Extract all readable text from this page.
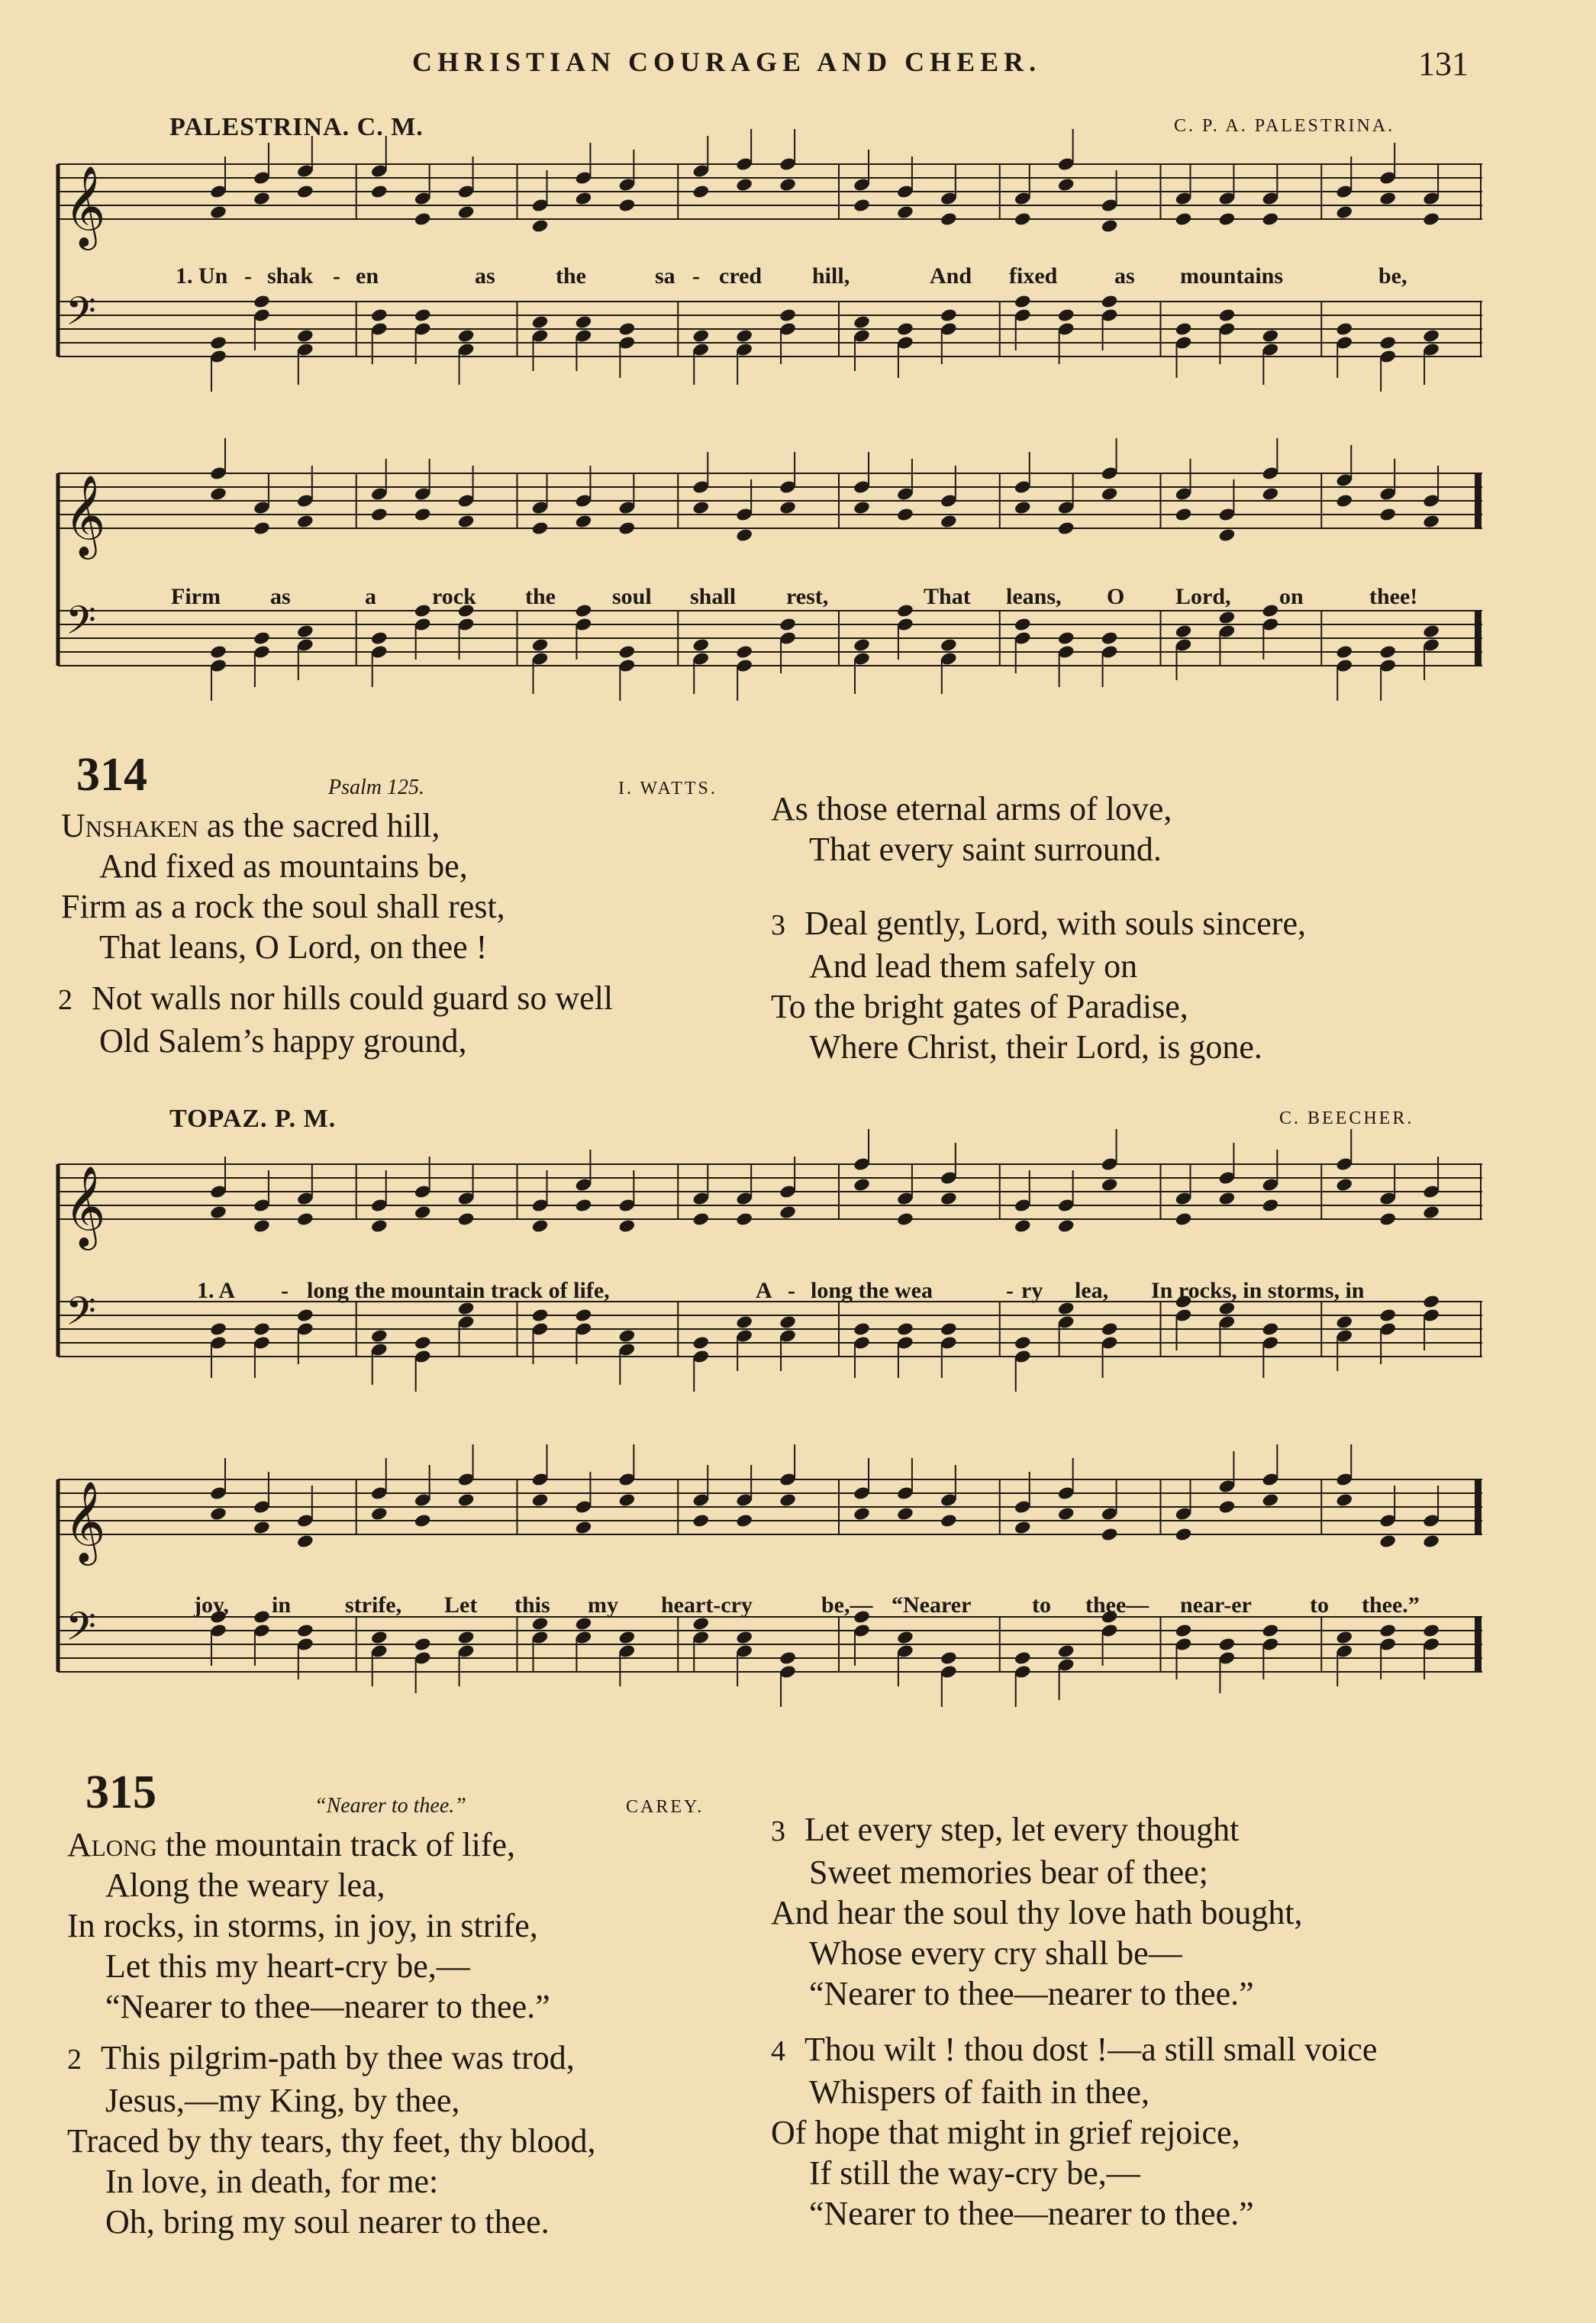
CHRISTIAN COURAGE AND CHEER.	131
PALESTRINA. C. M.	C. P. A. PALESTRINA.
𝄞
𝄢
1. Un - shak - en	as	the	sa - cred hill,	And fixed as mountains	be,
𝄞
𝄢
Firm as	a rock the soul shall rest,	That leans, O Lord, on	thee!
314	Psalm 125.	I. WATTS.
Unshaken as the sacred hill,
And fixed as mountains be,
Firm as a rock the soul shall rest,
That leans, O Lord, on thee !
2 Not walls nor hills could guard so well
Old Salem’s happy ground,
As those eternal arms of love,
That every saint surround.
3 Deal gently, Lord, with souls sincere,
And lead them safely on
To the bright gates of Paradise,
Where Christ, their Lord, is gone.
TOPAZ. P. M.	C. BEECHER.
𝄞
𝄢	1. A - long the mountain track of life,	A - long the wea	- ry lea, In rocks, in storms, in
𝄞
𝄢	joy, in strife, Let this my heart-cry	be,— “Nearer	to thee— near-er	to thee.”
315	“Nearer to thee.”	CAREY.
Along the mountain track of life,
Along the weary lea,
In rocks, in storms, in joy, in strife,
Let this my heart-cry be,—
“Nearer to thee—nearer to thee.”
2 This pilgrim-path by thee was trod,
Jesus,—my King, by thee,
Traced by thy tears, thy feet, thy blood,
In love, in death, for me:
Oh, bring my soul nearer to thee.
3 Let every step, let every thought
Sweet memories bear of thee;
And hear the soul thy love hath bought,
Whose every cry shall be—
“Nearer to thee—nearer to thee.”
4 Thou wilt ! thou dost !—a still small voice
Whispers of faith in thee,
Of hope that might in grief rejoice,
If still the way-cry be,—
“Nearer to thee—nearer to thee.”
